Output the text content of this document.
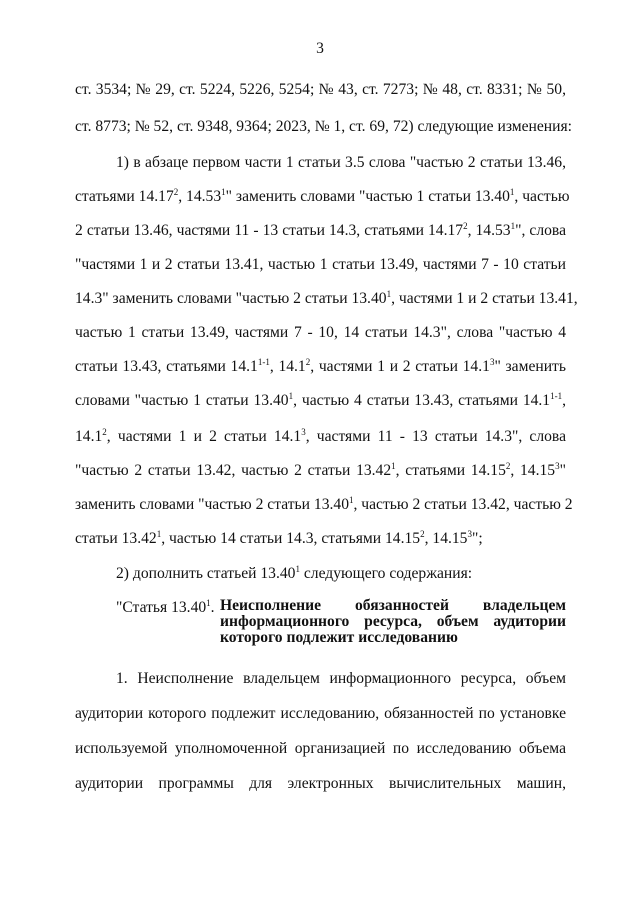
3
ст. 3534; № 29, ст. 5224, 5226, 5254; № 43, ст. 7273; № 48, ст. 8331; № 50,
ст. 8773; № 52, ст. 9348, 9364; 2023, № 1, ст. 69, 72) следующие изменения:
1) в абзаце первом части 1 статьи 3.5 слова "частью 2 статьи 13.46,
статьями 14.17$^2$, 14.53$^1$" заменить словами "частью 1 статьи 13.40$^1$, частью
2 статьи 13.46, частями 11 - 13 статьи 14.3, статьями 14.17$^2$, 14.53$^1$", слова
"частями 1 и 2 статьи 13.41, частью 1 статьи 13.49, частями 7 - 10 статьи
14.3" заменить словами "частью 2 статьи 13.40$^1$, частями 1 и 2 статьи 13.41,
частью 1 статьи 13.49, частями 7 - 10, 14 статьи 14.3", слова "частью 4
статьи 13.43, статьями 14.1$^{1-1}$, 14.1$^2$, частями 1 и 2 статьи 14.1$^3$" заменить
словами "частью 1 статьи 13.40$^1$, частью 4 статьи 13.43, статьями 14.1$^{1-1}$,
14.1$^2$, частями 1 и 2 статьи 14.1$^3$, частями 11 - 13 статьи 14.3", слова
"частью 2 статьи 13.42, частью 2 статьи 13.42$^1$, статьями 14.15$^2$, 14.15$^3$"
заменить словами "частью 2 статьи 13.40$^1$, частью 2 статьи 13.42, частью 2
статьи 13.42$^1$, частью 14 статьи 14.3, статьями 14.15$^2$, 14.15$^3$";
2) дополнить статьей 13.40$^1$ следующего содержания:
"Статья 13.40$^1$. Неисполнение обязанностей владельцем
информационного ресурса, объем аудитории
которого подлежит исследованию
1. Неисполнение владельцем информационного ресурса, объем
аудитории которого подлежит исследованию, обязанностей по установке
используемой уполномоченной организацией по исследованию объема
аудитории программы для электронных вычислительных машин,
